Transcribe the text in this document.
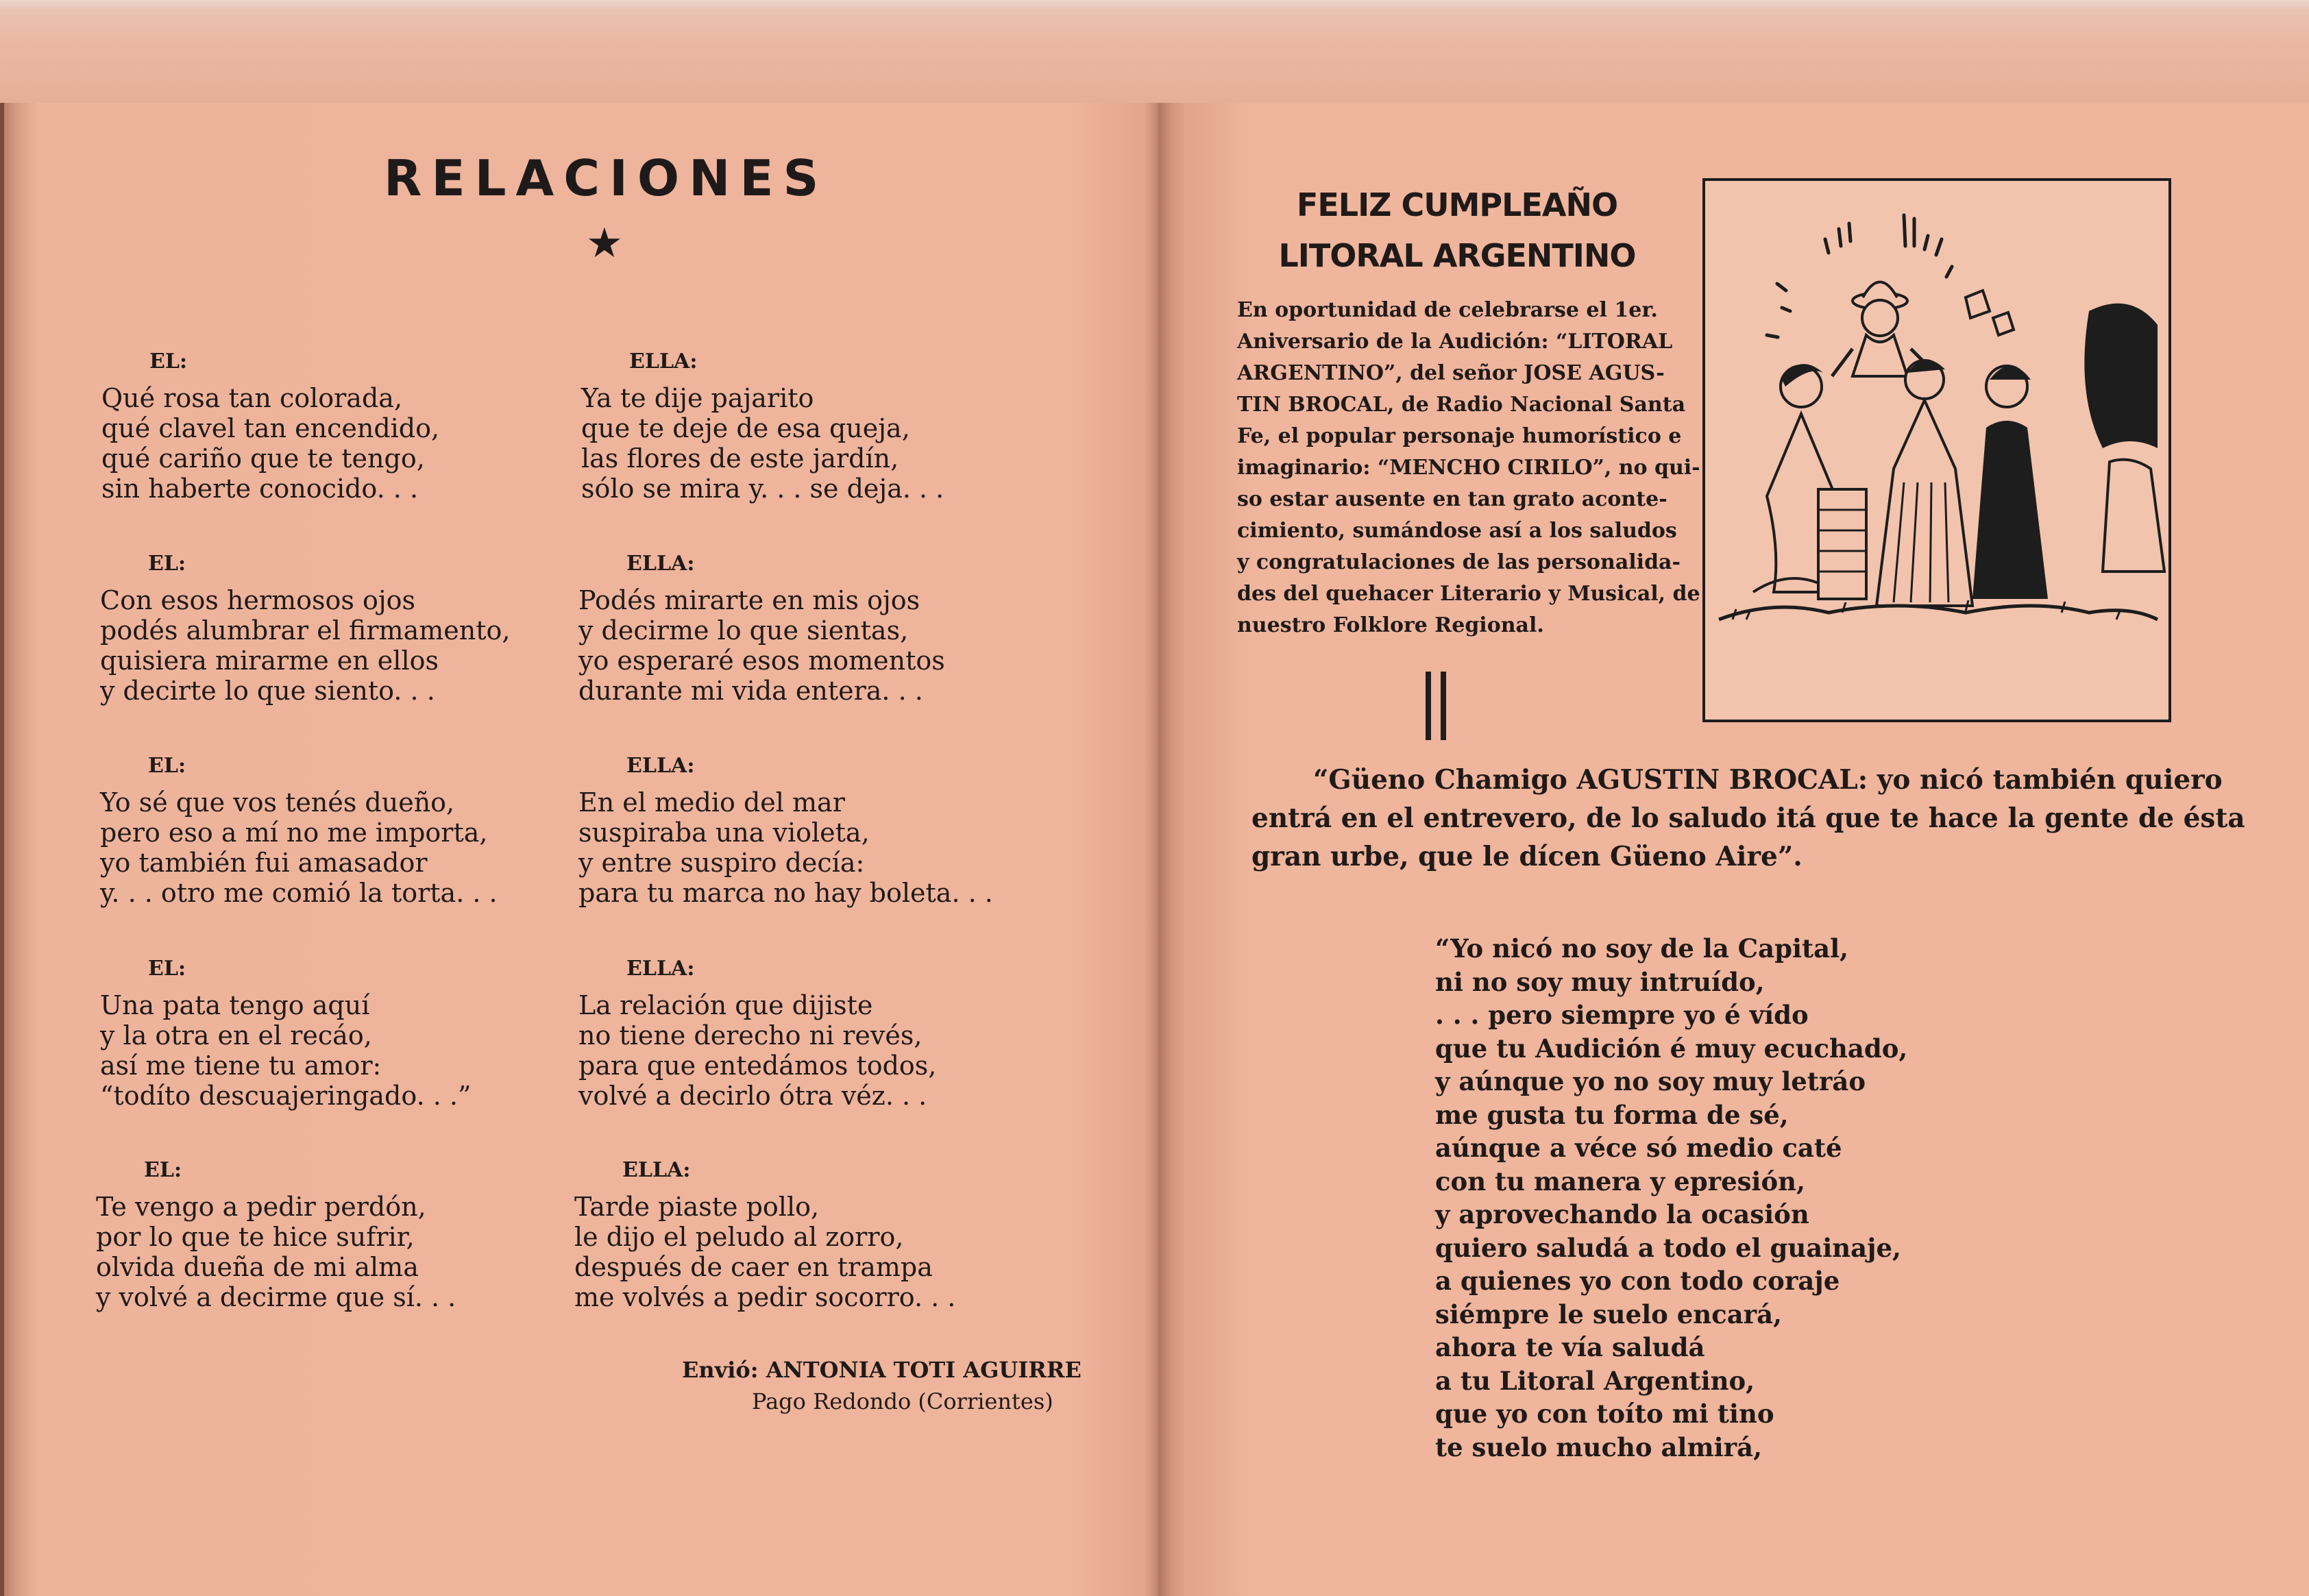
RELACIONES
★
EL:
Qué rosa tan colorada,
qué clavel tan encendido,
qué cariño que te tengo,
sin haberte conocido. . .
EL:
Con esos hermosos ojos
podés alumbrar el firmamento,
quisiera mirarme en ellos
y decirte lo que siento. . .
EL:
Yo sé que vos tenés dueño,
pero eso a mí no me importa,
yo también fui amasador
y. . . otro me comió la torta. . .
EL:
Una pata tengo aquí
y la otra en el recáo,
así me tiene tu amor:
“todíto descuajeringado. . .”
EL:
Te vengo a pedir perdón,
por lo que te hice sufrir,
olvida dueña de mi alma
y volvé a decirme que sí. . .
ELLA:
Ya te dije pajarito
que te deje de esa queja,
las flores de este jardín,
sólo se mira y. . . se deja. . .
ELLA:
Podés mirarte en mis ojos
y decirme lo que sientas,
yo esperaré esos momentos
durante mi vida entera. . .
ELLA:
En el medio del mar
suspiraba una violeta,
y entre suspiro decía:
para tu marca no hay boleta. . .
ELLA:
La relación que dijiste
no tiene derecho ni revés,
para que entedámos todos,
volvé a decirlo ótra véz. . .
ELLA:
Tarde piaste pollo,
le dijo el peludo al zorro,
después de caer en trampa
me volvés a pedir socorro. . .
Envió: ANTONIA TOTI AGUIRRE
Pago Redondo (Corrientes)
FELIZ CUMPLEAÑO
LITORAL ARGENTINO
En oportunidad de celebrarse el 1er.
Aniversario de la Audición: “LITORAL
ARGENTINO”, del señor JOSE AGUS-
TIN BROCAL, de Radio Nacional Santa
Fe, el popular personaje humorístico e
imaginario: “MENCHO CIRILO”, no qui-
so estar ausente en tan grato aconte-
cimiento, sumándose así a los saludos
y congratulaciones de las personalida-
des del quehacer Literario y Musical, de
nuestro Folklore Regional.
“Güeno Chamigo AGUSTIN BROCAL: yo nicó también quiero
entrá en el entrevero, de lo saludo itá que te hace la gente de ésta
gran urbe, que le dícen Güeno Aire”.
“Yo nicó no soy de la Capital,
ni no soy muy intruído,
. . . pero siempre yo é vído
que tu Audición é muy ecuchado,
y aúnque yo no soy muy letráo
me gusta tu forma de sé,
aúnque a véce só medio caté
con tu manera y epresión,
y aprovechando la ocasión
quiero saludá a todo el guainaje,
a quienes yo con todo coraje
siémpre le suelo encará,
ahora te vía saludá
a tu Litoral Argentino,
que yo con toíto mi tino
te suelo mucho almirá,
